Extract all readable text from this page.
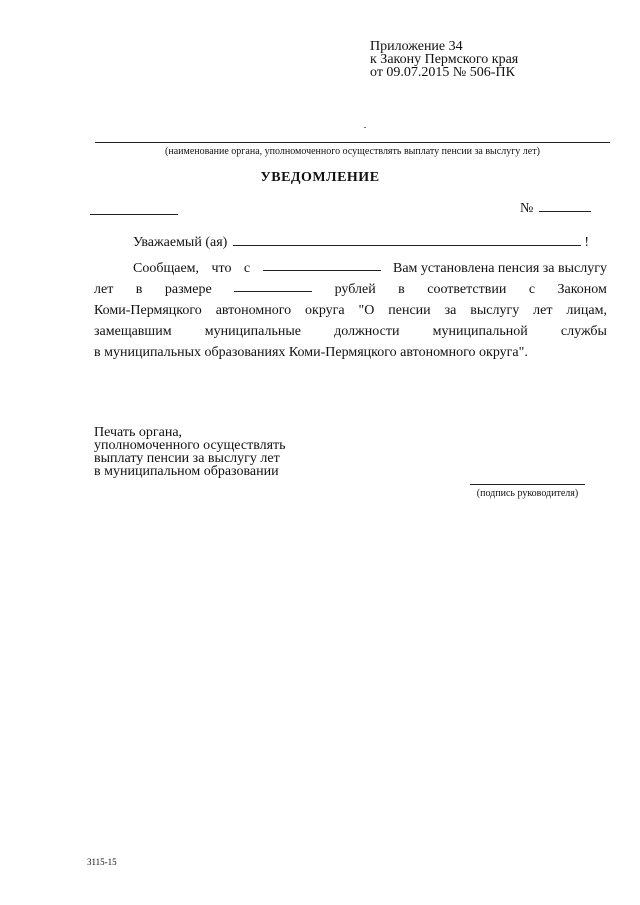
Приложение 34
к Закону Пермского края
от 09.07.2015 № 506-ПК
(наименование органа, уполномоченного осуществлять выплату пенсии за выслугу лет)
УВЕДОМЛЕНИЕ
№
Уважаемый (ая)	!
Сообщаем, что с	Вам установлена пенсия за выслугу
лет в размере	рублей в соответствии с Законом
Коми-Пермяцкого автономного округа "О пенсии за выслугу лет лицам,
замещавшим муниципальные должности муниципальной службы
в муниципальных образованиях Коми-Пермяцкого автономного округа".
Печать органа,
уполномоченного осуществлять
выплату пенсии за выслугу лет
в муниципальном образовании
(подпись руководителя)
3115-15
